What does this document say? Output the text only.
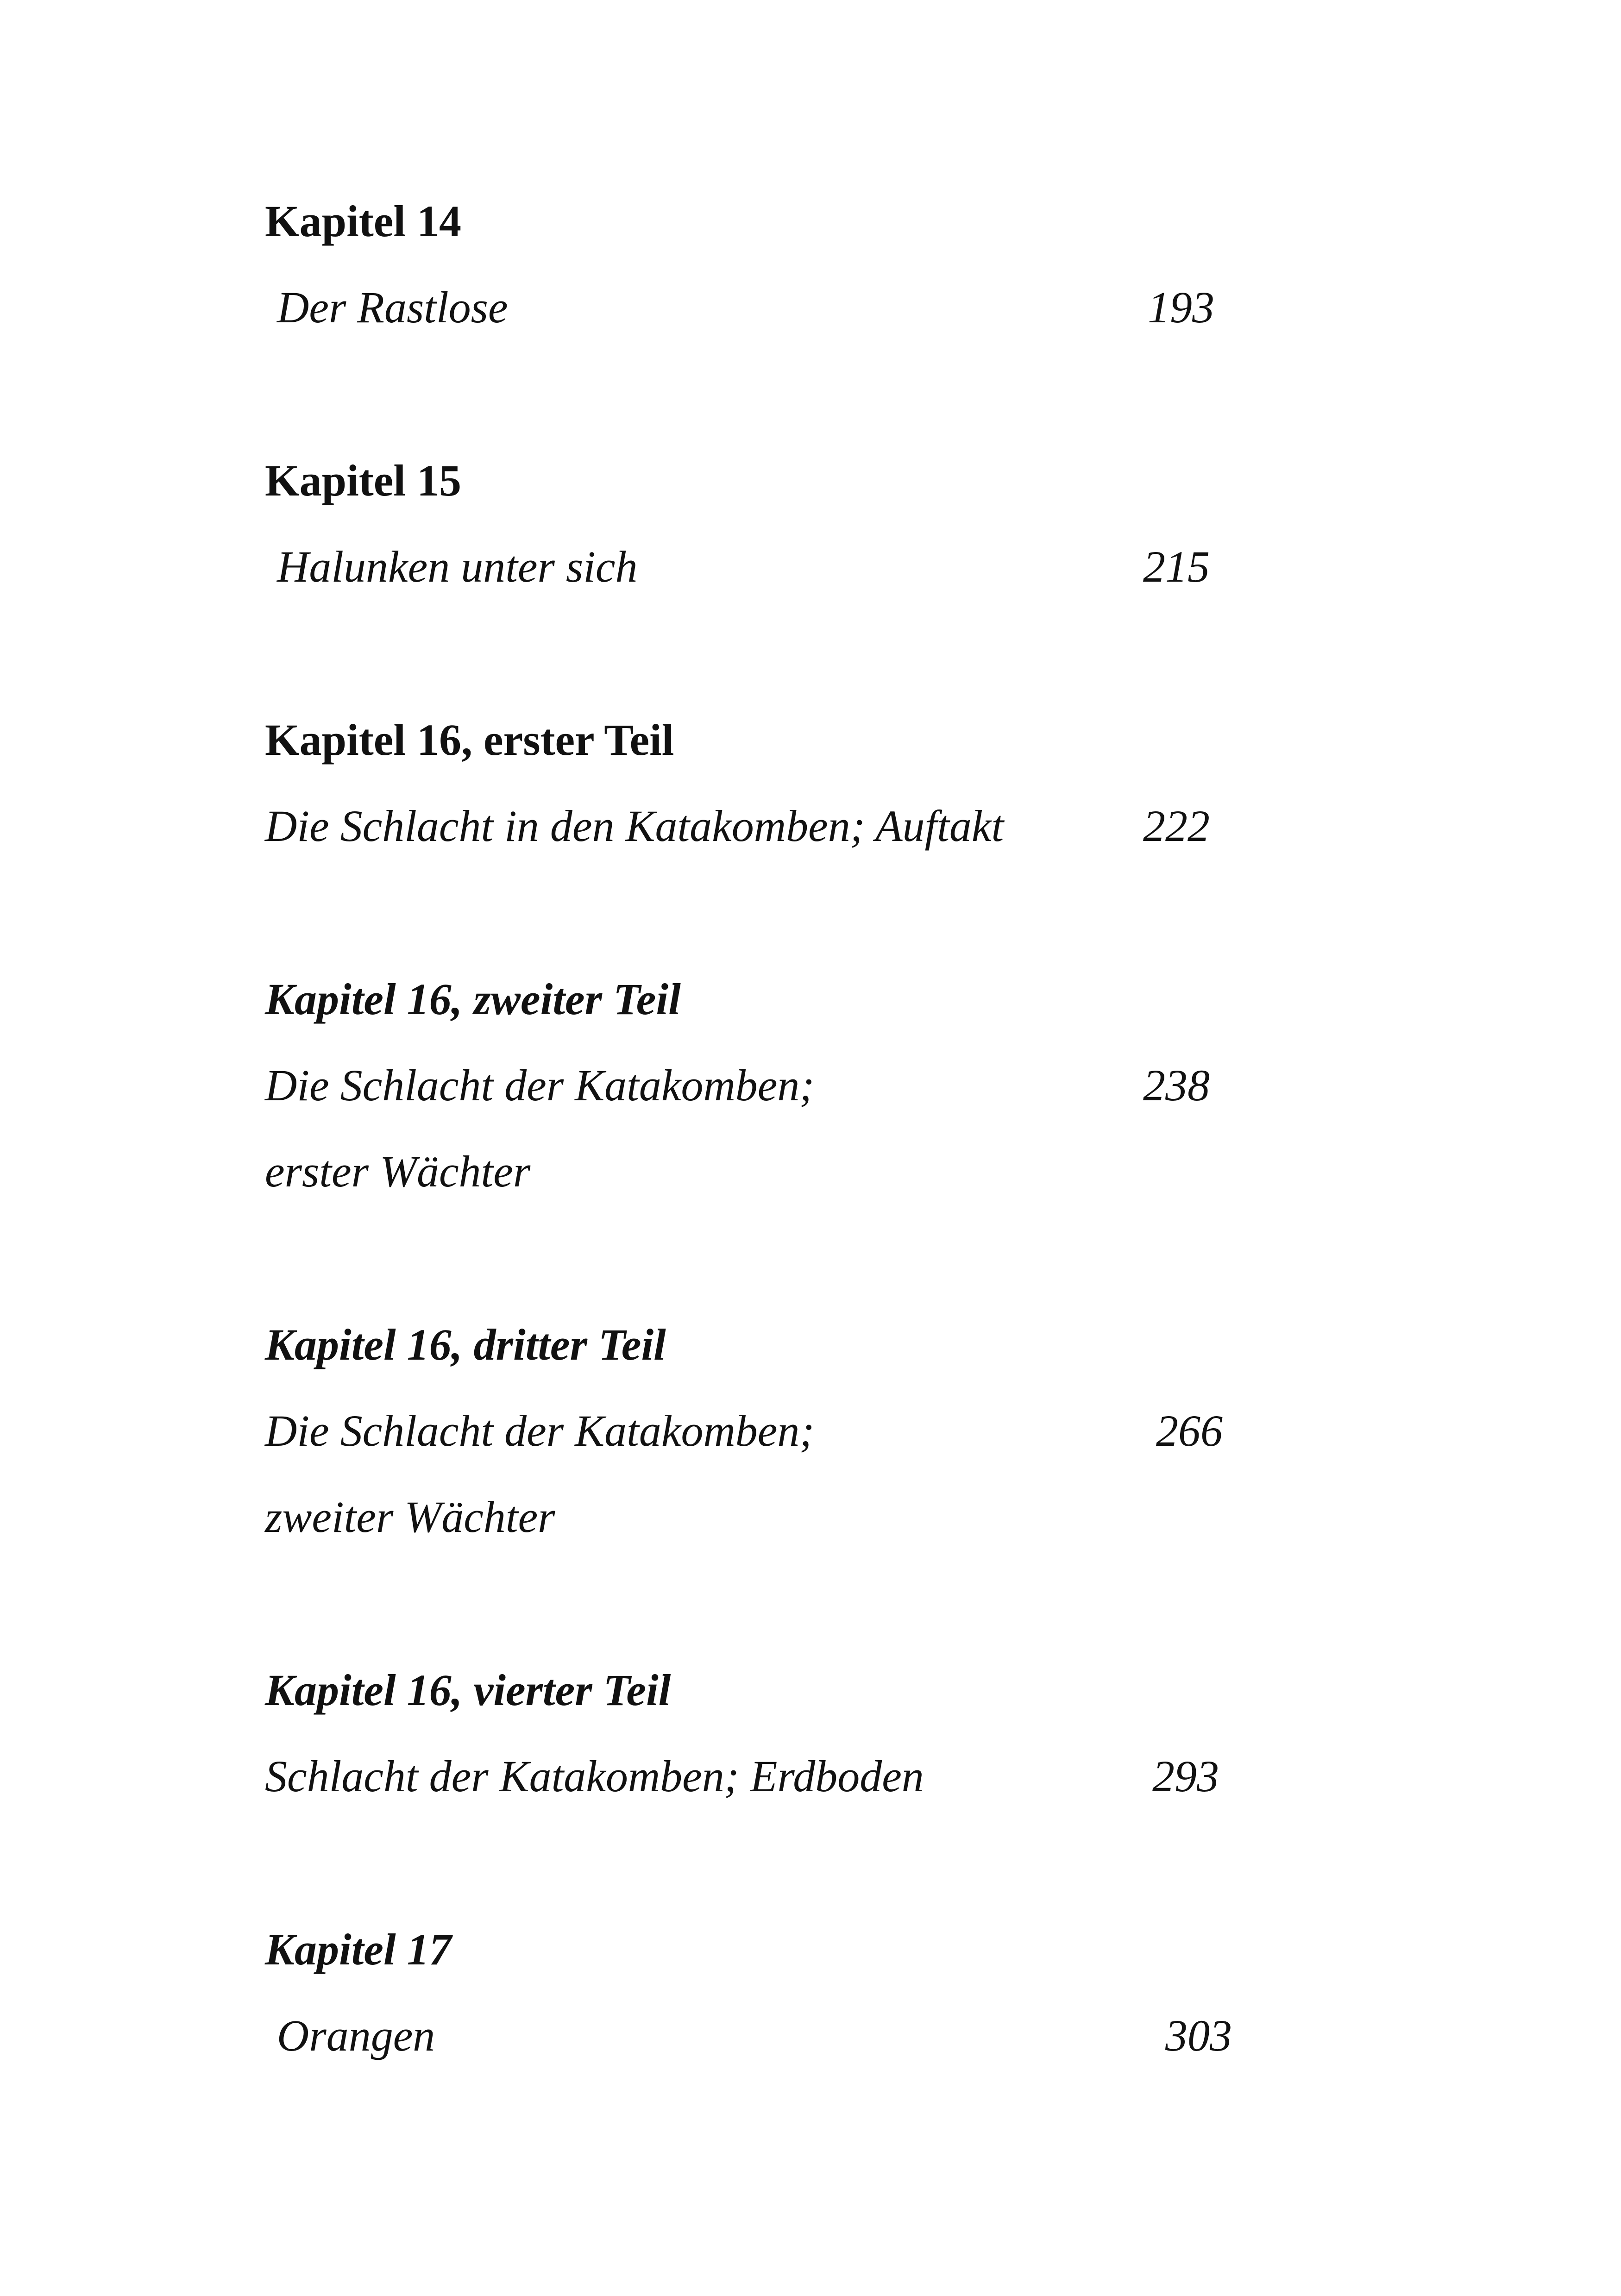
Kapitel 14
Der Rastlose	193
Kapitel 15
Halunken unter sich	215
Kapitel 16, erster Teil
Die Schlacht in den Katakomben; Auftakt	222
Kapitel 16, zweiter Teil
Die Schlacht der Katakomben;	238
erster Wächter
Kapitel 16, dritter Teil
Die Schlacht der Katakomben;	266
zweiter Wächter
Kapitel 16, vierter Teil
Schlacht der Katakomben; Erdboden	293
Kapitel 17
Orangen	303
